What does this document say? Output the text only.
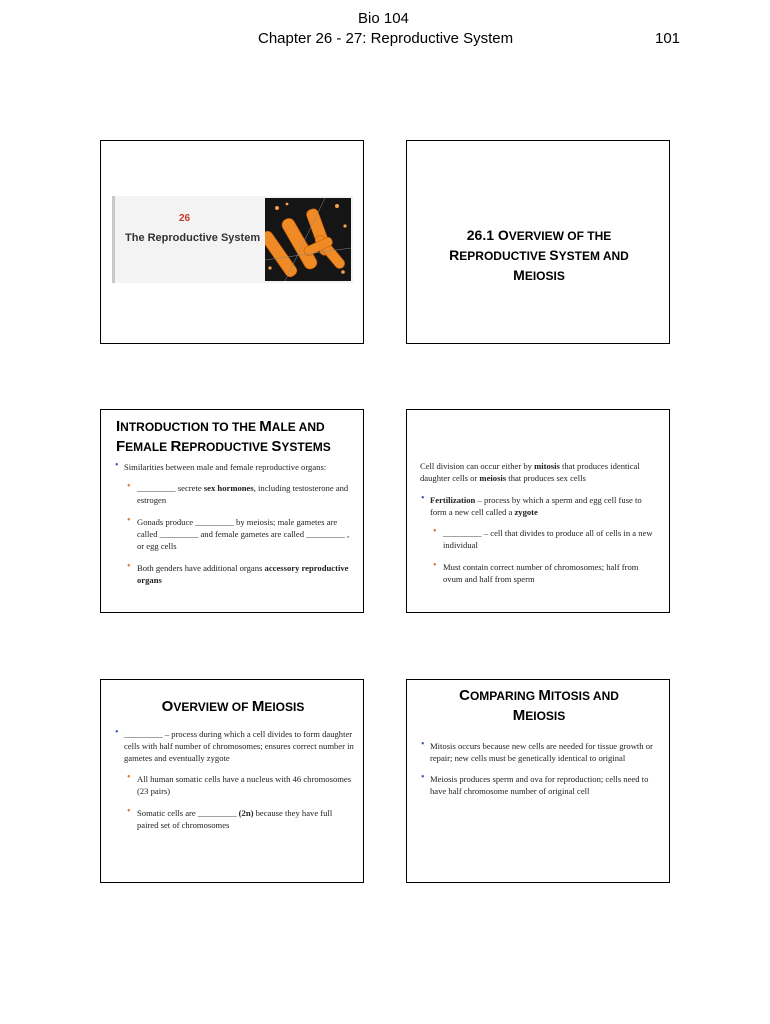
Bio 104
Chapter 26 - 27: Reproductive System	101
26
The Reproductive System	26.1 OVERVIEW OF THE
REPRODUCTIVE SYSTEM AND
MEIOSIS
INTRODUCTION TO THE MALE AND
FEMALE REPRODUCTIVE SYSTEMS
• Similarities between male and female reproductive organs:
• _________ secrete sex hormones, including testosterone and estrogen
• Gonads produce _________ by meiosis; male gametes are called _________ and female gametes are called _________ , or egg cells
• Both genders have additional organs accessory reproductive organs
Cell division can occur either by mitosis that produces identical daughter cells or meiosis that produces sex cells
• Fertilization – process by which a sperm and egg cell fuse to form a new cell called a zygote
• _________ – cell that divides to produce all of cells in a new individual
• Must contain correct number of chromosomes; half from ovum and half from sperm
OVERVIEW OF MEIOSIS
• _________ – process during which a cell divides to form daughter cells with half number of chromosomes; ensures correct number in gametes and eventually zygote
• All human somatic cells have a nucleus with 46 chromosomes (23 pairs)
• Somatic cells are _________ (2n) because they have full paired set of chromosomes
COMPARING MITOSIS AND
MEIOSIS
• Mitosis occurs because new cells are needed for tissue growth or repair; new cells must be genetically identical to original
• Meiosis produces sperm and ova for reproduction; cells need to have half chromosome number of original cell
